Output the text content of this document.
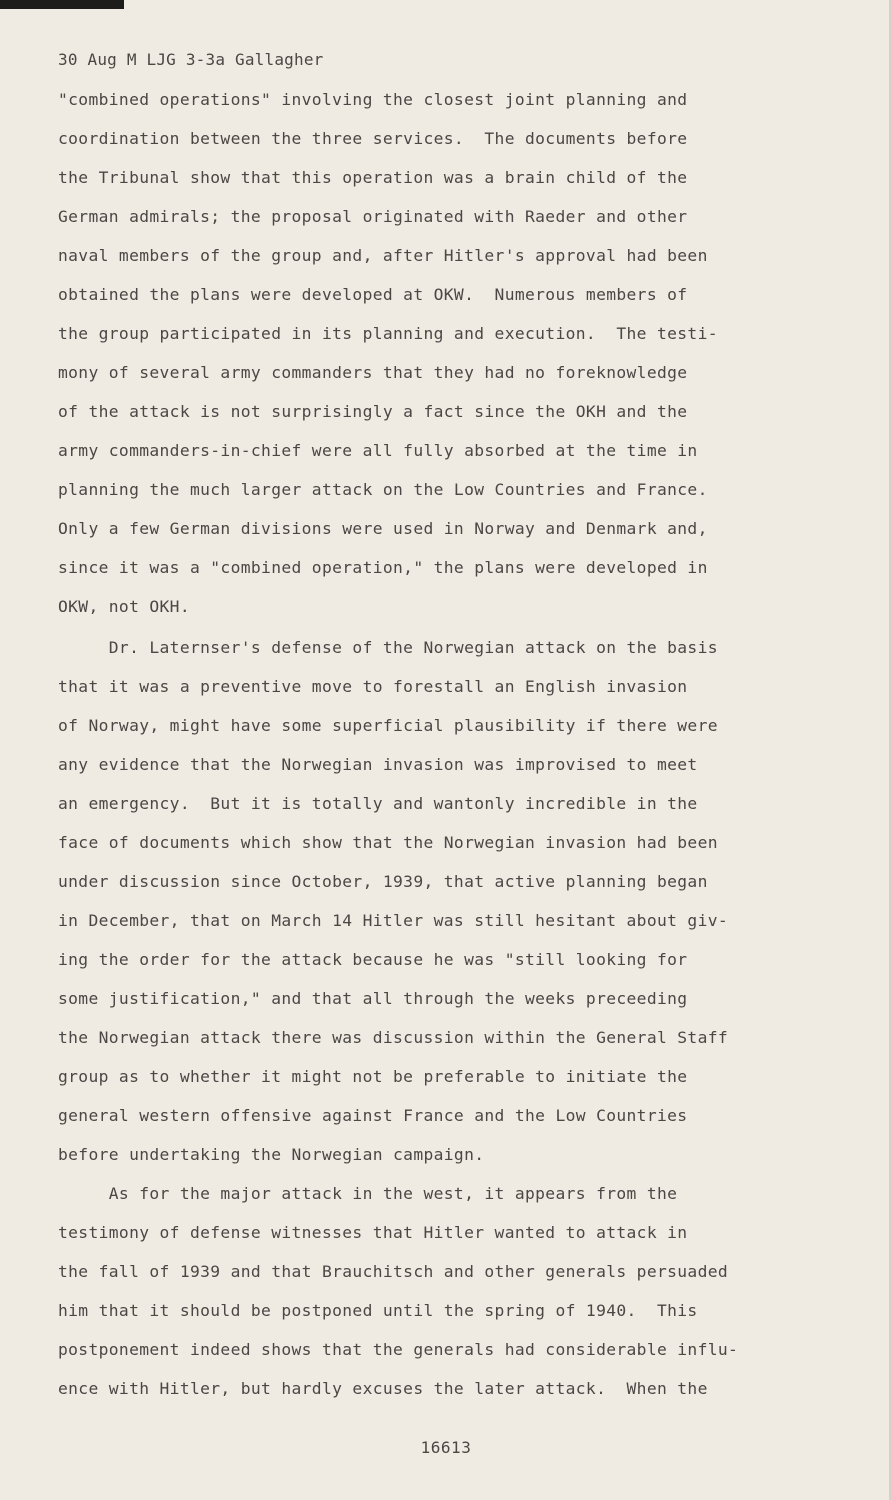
30 Aug M LJG 3-3a Gallagher
"combined operations" involving the closest joint planning and
coordination between the three services.  The documents before
the Tribunal show that this operation was a brain child of the
German admirals; the proposal originated with Raeder and other
naval members of the group and, after Hitler's approval had been
obtained the plans were developed at OKW.  Numerous members of
the group participated in its planning and execution.  The testi-
mony of several army commanders that they had no foreknowledge
of the attack is not surprisingly a fact since the OKH and the
army commanders-in-chief were all fully absorbed at the time in
planning the much larger attack on the Low Countries and France.
Only a few German divisions were used in Norway and Denmark and,
since it was a "combined operation," the plans were developed in
OKW, not OKH.
Dr. Laternser's defense of the Norwegian attack on the basis
that it was a preventive move to forestall an English invasion
of Norway, might have some superficial plausibility if there were
any evidence that the Norwegian invasion was improvised to meet
an emergency.  But it is totally and wantonly incredible in the
face of documents which show that the Norwegian invasion had been
under discussion since October, 1939, that active planning began
in December, that on March 14 Hitler was still hesitant about giv-
ing the order for the attack because he was "still looking for
some justification," and that all through the weeks preceeding
the Norwegian attack there was discussion within the General Staff
group as to whether it might not be preferable to initiate the
general western offensive against France and the Low Countries
before undertaking the Norwegian campaign.
As for the major attack in the west, it appears from the
testimony of defense witnesses that Hitler wanted to attack in
the fall of 1939 and that Brauchitsch and other generals persuaded
him that it should be postponed until the spring of 1940.  This
postponement indeed shows that the generals had considerable influ-
ence with Hitler, but hardly excuses the later attack.  When the
16613
